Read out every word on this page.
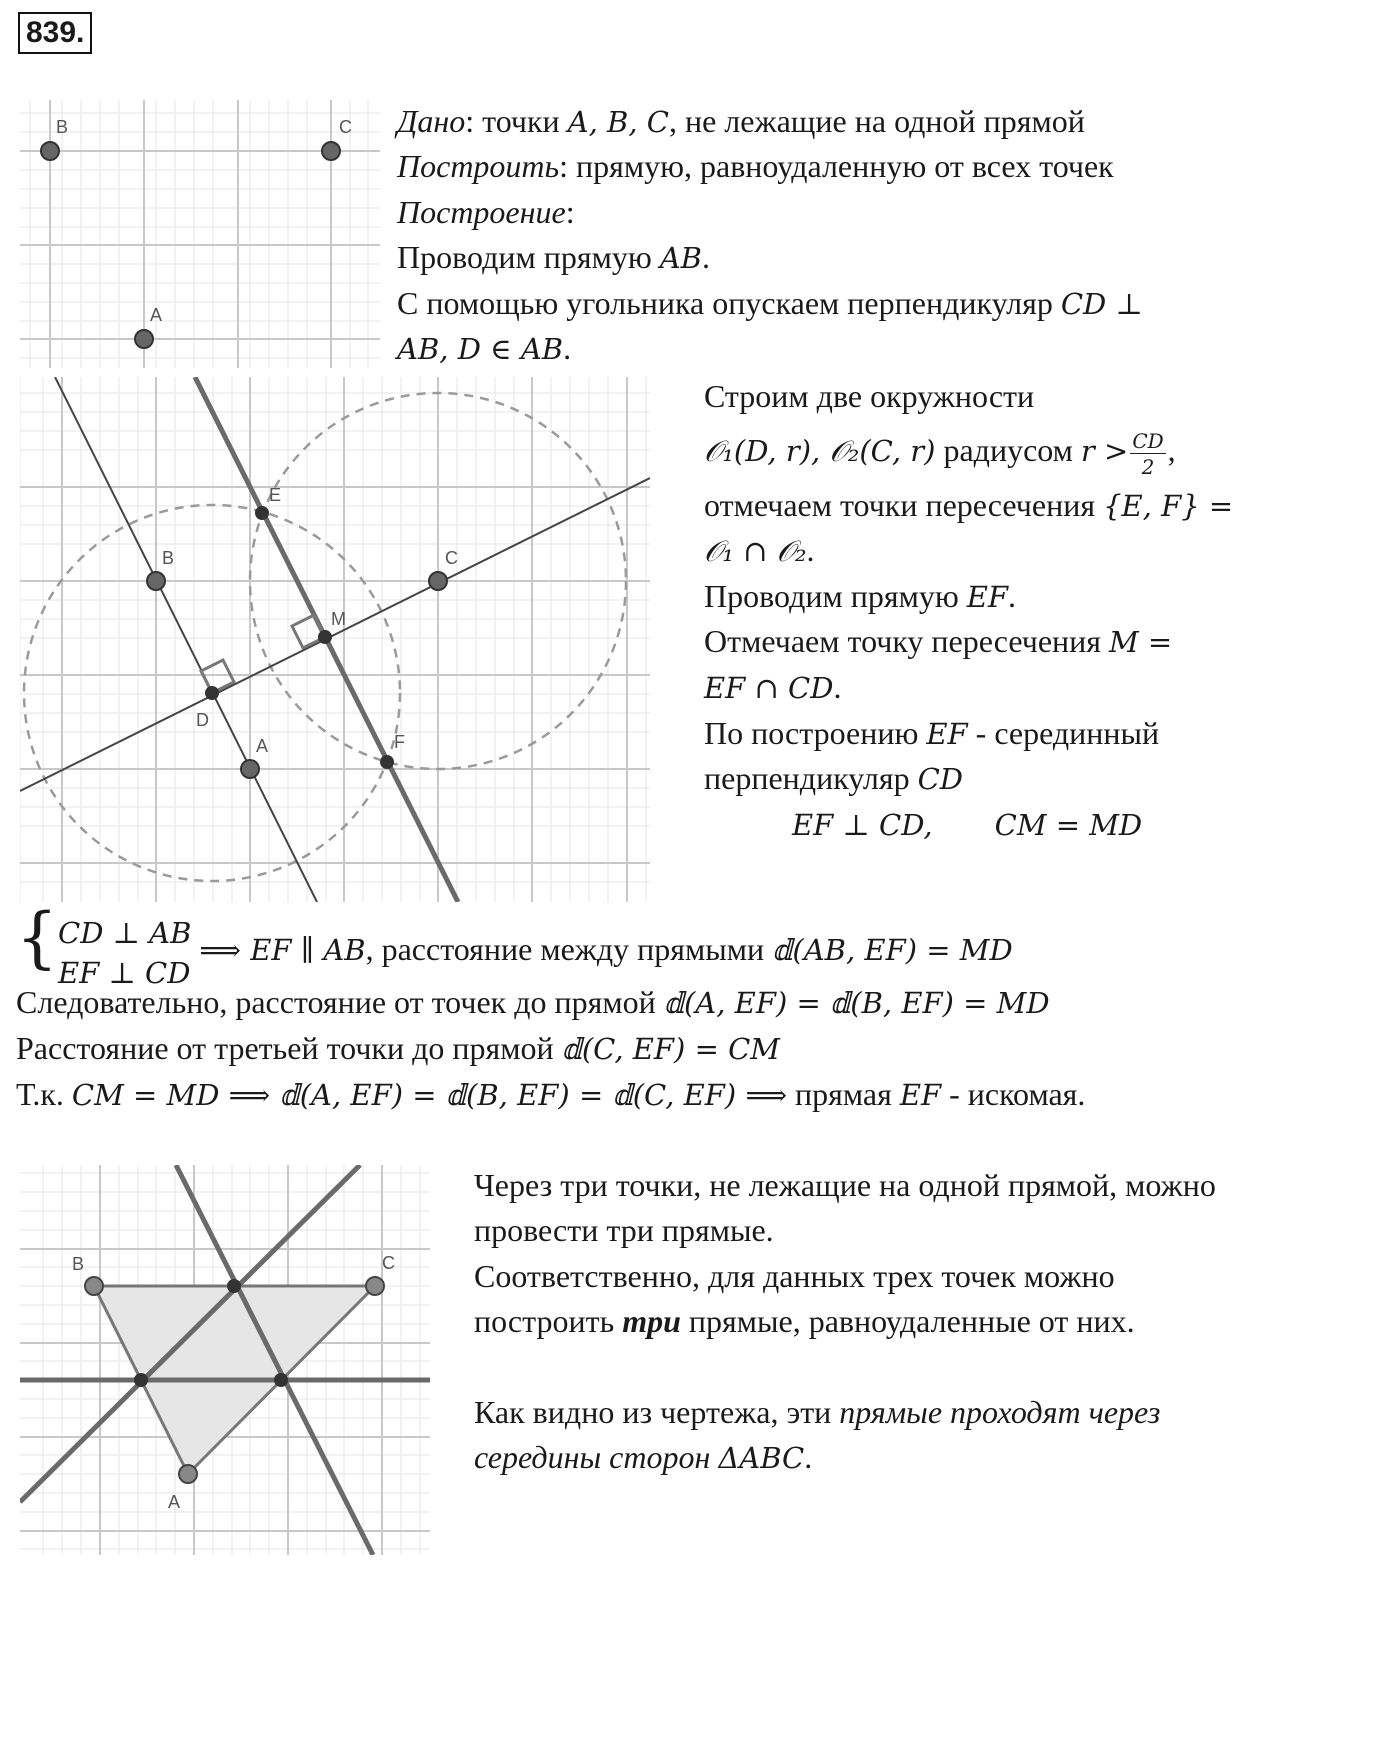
839.
B	C
A
E
B	C
M
D
A	F
B	C
A
Дано: точки A, B, C, не лежащие на одной прямой
Построить: прямую, равноудаленную от всех точек
Построение:
Проводим прямую AB.
С помощью угольника опускаем перпендикуляр CD ⊥
AB, D ∈ AB.
Строим две окружности
𝒪₁(D, r), 𝒪₂(C, r) радиусом $r > \frac{CD}{2}$ ,
отмечаем точки пересечения {E, F} =
𝒪₁ ∩ 𝒪₂.
Проводим прямую EF.
Отмечаем точку пересечения M =
EF ∩ CD.
По построению EF - серединный
перпендикуляр CD
EF ⊥ CD, CM = MD
{ CD ⊥ AB
EF ⊥ CD
⟹ EF ∥ AB, расстояние между прямыми 𝕕(AB, EF) = MD
Следовательно, расстояние от точек до прямой 𝕕(A, EF) = 𝕕(B, EF) = MD
Расстояние от третьей точки до прямой 𝕕(C, EF) = CM
Т.к. CM = MD ⟹ 𝕕(A, EF) = 𝕕(B, EF) = 𝕕(C, EF) ⟹ прямая EF - искомая.
Через три точки, не лежащие на одной прямой, можно
провести три прямые.
Соответственно, для данных трех точек можно
построить три прямые, равноудаленные от них.
Как видно из чертежа, эти прямые проходят через
середины сторон ΔABC.
